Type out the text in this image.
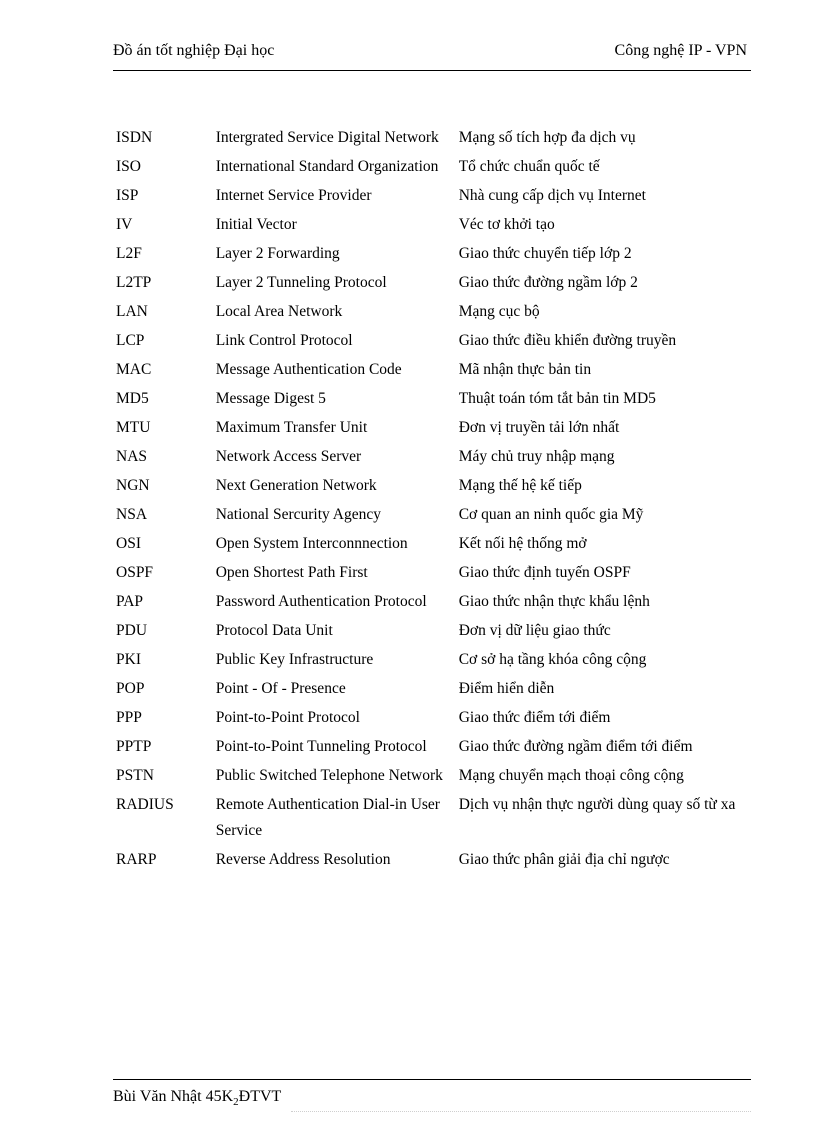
Đồ án tốt nghiệp Đại học	Công nghệ IP - VPN
ISDN	Intergrated Service Digital Network	Mạng số tích hợp đa dịch vụ
ISO	International Standard Organization	Tổ chức chuẩn quốc tế
ISP	Internet Service Provider	Nhà cung cấp dịch vụ Internet
IV	Initial Vector	Véc tơ khởi tạo
L2F	Layer 2 Forwarding	Giao thức chuyển tiếp lớp 2
L2TP	Layer 2 Tunneling Protocol	Giao thức đường ngầm lớp 2
LAN	Local Area Network	Mạng cục bộ
LCP	Link Control Protocol	Giao thức điều khiển đường truyền
MAC	Message Authentication Code	Mã nhận thực bản tin
MD5	Message Digest 5	Thuật toán tóm tắt bản tin MD5
MTU	Maximum Transfer Unit	Đơn vị truyền tải lớn nhất
NAS	Network Access Server	Máy chủ truy nhập mạng
NGN	Next Generation Network	Mạng thế hệ kế tiếp
NSA	National Sercurity Agency	Cơ quan an ninh quốc gia Mỹ
OSI	Open System Interconnnection	Kết nối hệ thống mở
OSPF	Open Shortest Path First	Giao thức định tuyến OSPF
PAP	Password Authentication Protocol	Giao thức nhận thực khẩu lệnh
PDU	Protocol Data Unit	Đơn vị dữ liệu giao thức
PKI	Public Key Infrastructure	Cơ sở hạ tầng khóa công cộng
POP	Point - Of - Presence	Điểm hiển diễn
PPP	Point-to-Point Protocol	Giao thức điểm tới điểm
PPTP	Point-to-Point Tunneling Protocol	Giao thức đường ngầm điểm tới điểm
PSTN	Public Switched Telephone Network	Mạng chuyển mạch thoại công cộng
RADIUS	Remote Authentication Dial-in User Service	Dịch vụ nhận thực người dùng quay số từ xa
RARP	Reverse Address Resolution	Giao thức phân giải địa chỉ ngược
Bùi Văn Nhật $45K_2ĐTVT$
